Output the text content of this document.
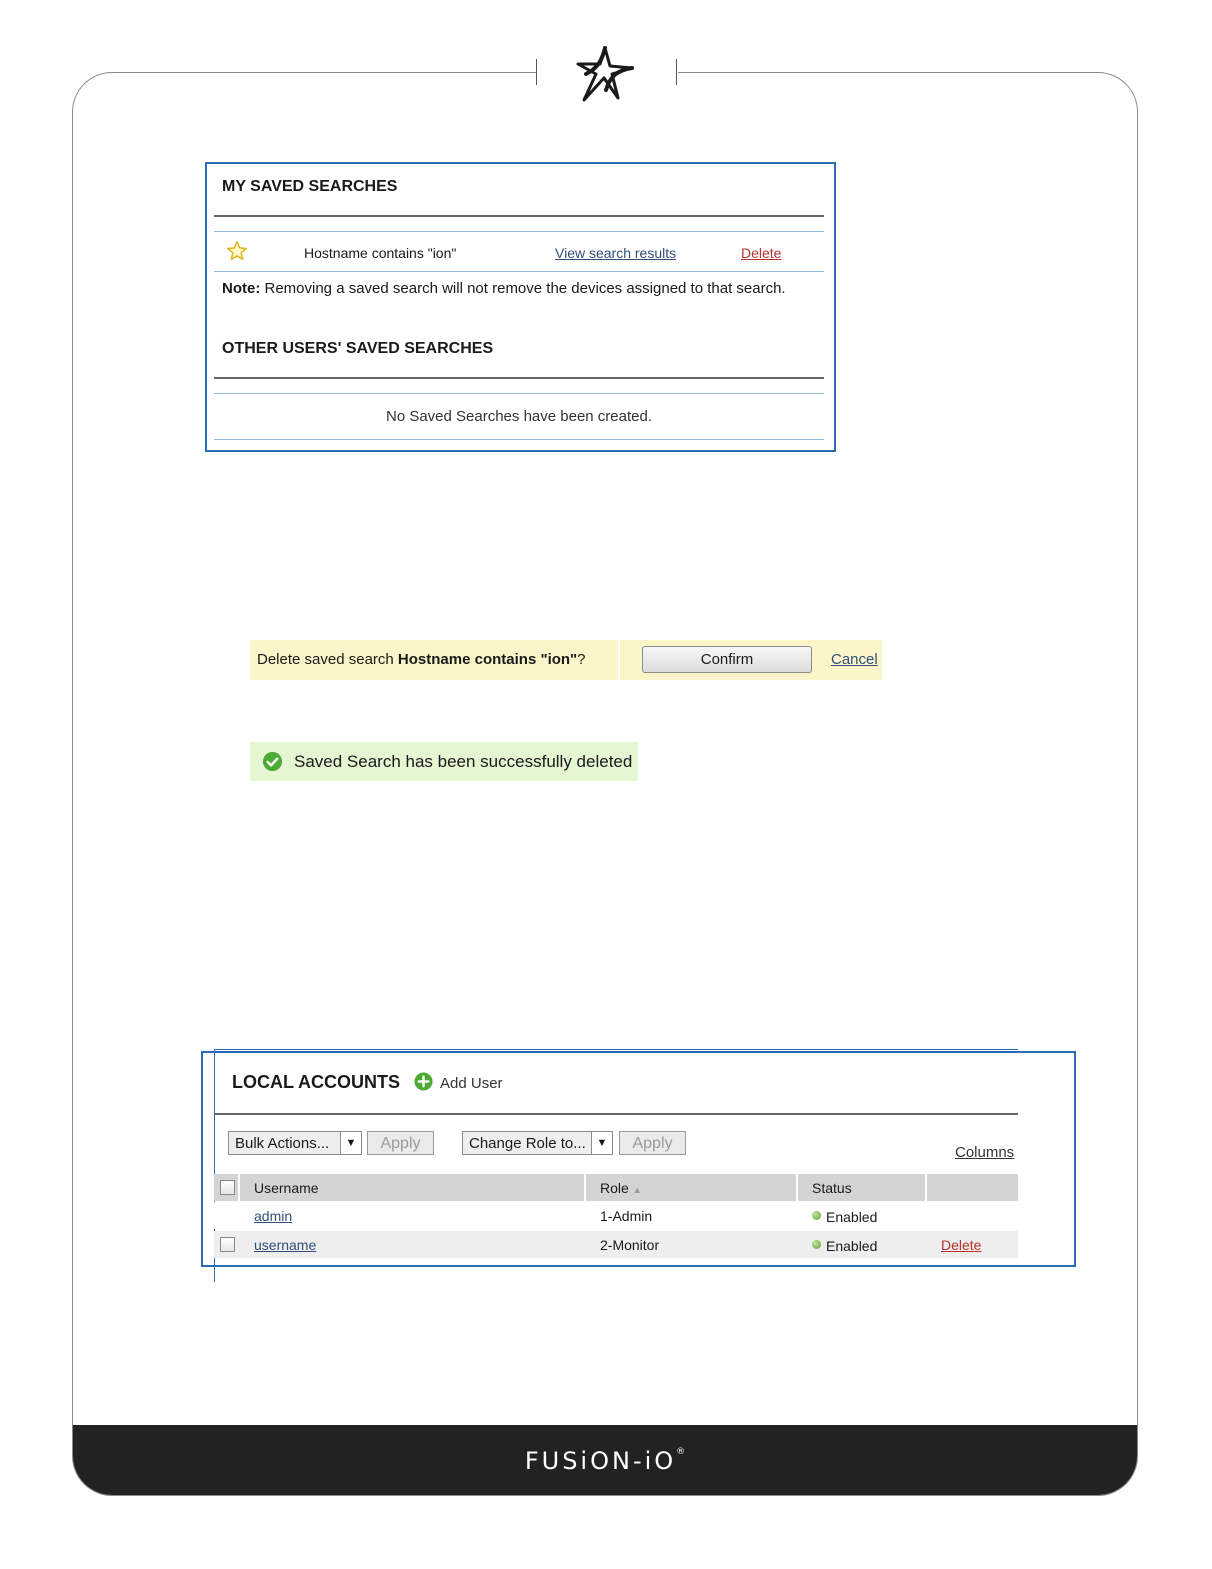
FUSiON-iO®
MY SAVED SEARCHES
Hostname contains "ion"	View search results	Delete
Note: Removing a saved search will not remove the devices assigned to that search.
OTHER USERS' SAVED SEARCHES
No Saved Searches have been created.
Delete saved search Hostname contains "ion"?	Confirm	Cancel
Saved Search has been successfully deleted
LOCAL ACCOUNTS	Add User
Bulk Actions...	▼	Apply	Change Role to... ▼	Apply
Columns
Username	Role ▲	Status
admin	1-Admin	Enabled
username	2-Monitor	Enabled	Delete
